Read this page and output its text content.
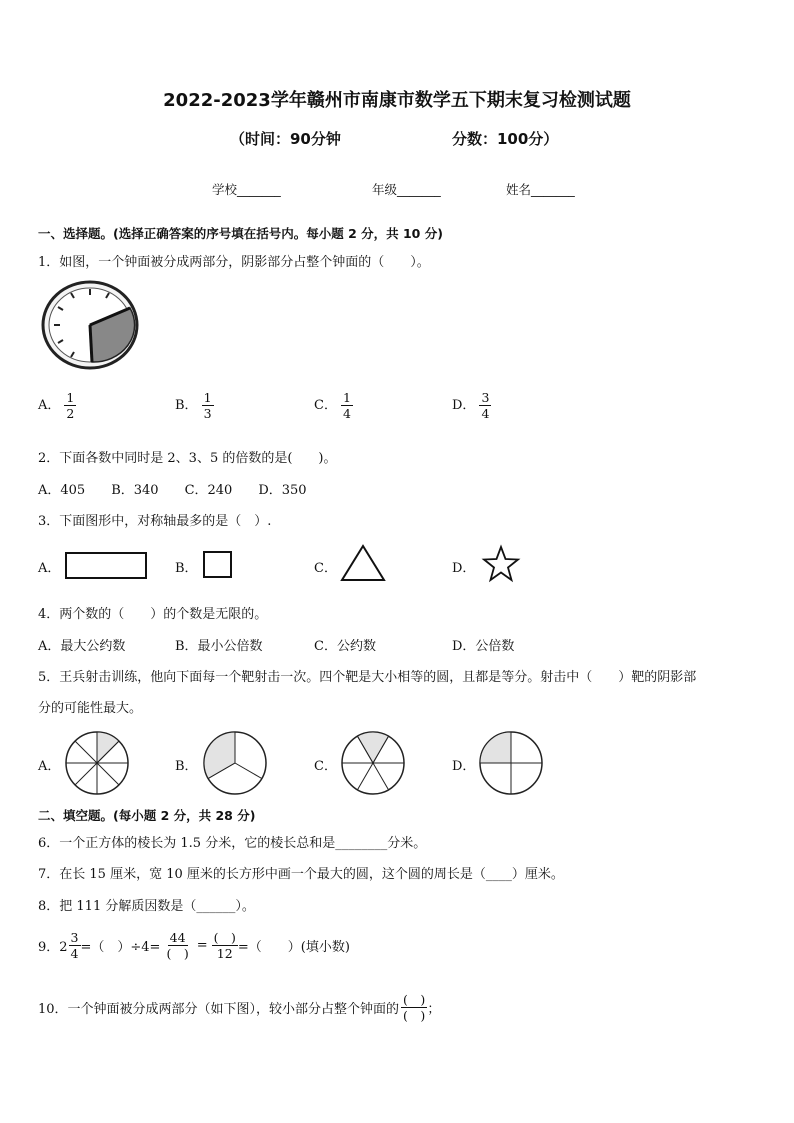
2022-2023学年赣州市南康市数学五下期末复习检测试题
（时间：90分钟	分数：100分）
学校_______	年级_______	姓名_______
一、选择题。(选择正确答案的序号填在括号内。每小题 2 分，共 10 分)
1．如图，一个钟面被分成两部分，阴影部分占整个钟面的（　　）。
A． $\frac{1}{2}$	B． $\frac{1}{3}$	C． $\frac{1}{4}$	D． $\frac{3}{4}$
2．下面各数中同时是 2、3、5 的倍数的是(　　)。
A．405　　B．340　　C．240　　D．350
3．下面图形中，对称轴最多的是（　）.
A．	B．	C．	D．
4．两个数的（　　）的个数是无限的。
A．最大公约数	B．最小公倍数	C．公约数	D．公倍数
5．王兵射击训练，他向下面每一个靶射击一次。四个靶是大小相等的圆，且都是等分。射击中（　　）靶的阴影部
分的可能性最大。
A．	B．	C．	D．
二、填空题。(每小题 2 分，共 28 分)
6．一个正方体的棱长为 1.5 分米，它的棱长总和是________分米。
7．在长 15 厘米，宽 10 厘米的长方形中画一个最大的圆，这个圆的周长是（____）厘米。
8．把 111 分解质因数是（______）。
9．$2 \frac{3}{4}$ =（　）$\div 4= \frac{44}{( )} = \frac{( )}{12}$ =（　　）(填小数)
10．一个钟面被分成两部分（如下图），较小部分占整个钟面的 $\frac{( )}{( )}$ ；
